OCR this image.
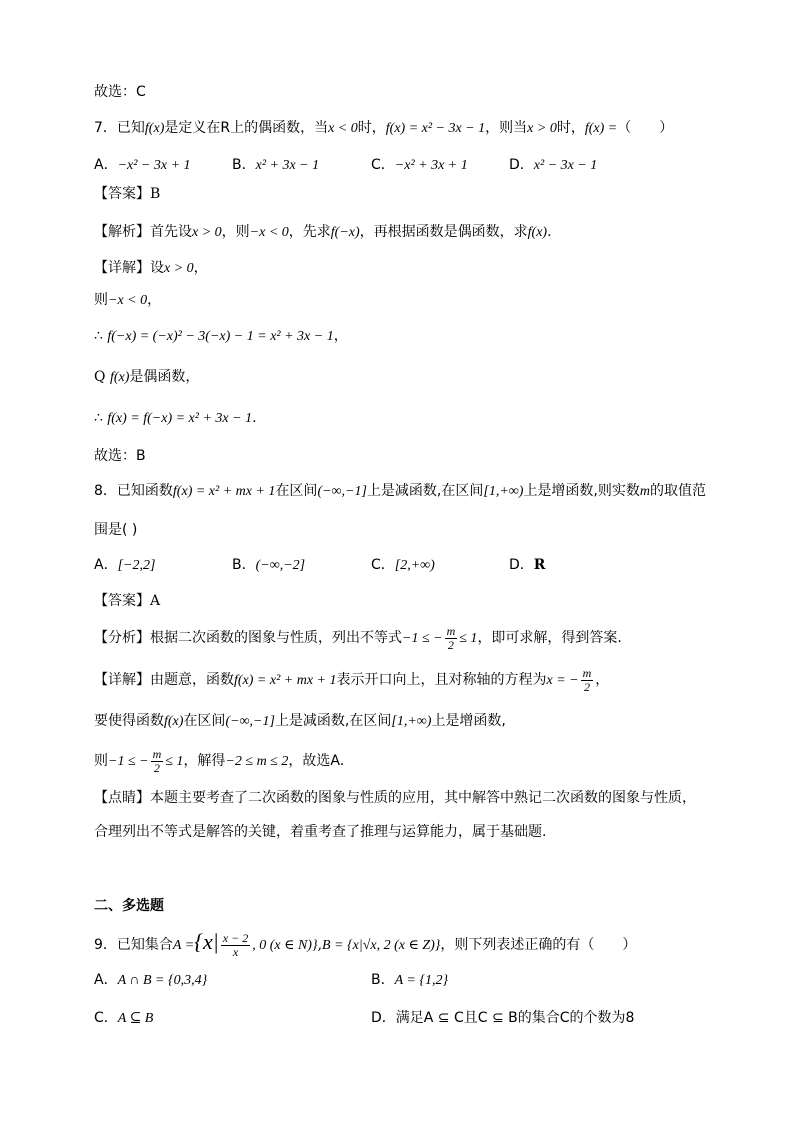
故选：C
7．已知f(x)是定义在R上的偶函数，当x < 0时，f(x) = x² − 3x − 1，则当x > 0时，f(x) =（　　）
A．−x² − 3x + 1	B．x² + 3x − 1	C．−x² + 3x + 1	D．x² − 3x − 1
【答案】B
【解析】首先设x > 0，则−x < 0，先求f(−x)，再根据函数是偶函数，求f(x).
【详解】设x > 0，
则−x < 0，
∴ f(−x) = (−x)² − 3(−x) − 1 = x² + 3x − 1，
Q f(x)是偶函数，
∴ f(x) = f(−x) = x² + 3x − 1.
故选：B
8．已知函数f(x) = x² + mx + 1在区间(−∞,−1]上是减函数,在区间[1,+∞)上是增函数,则实数m的取值范
围是( )
A．[−2,2]	B．(−∞,−2]	C．[2,+∞)	D．R
【答案】A
【分析】根据二次函数的图象与性质，列出不等式−1 ≤ − $\frac{m}{2} \le 1$，即可求解，得到答案.
【详解】由题意，函数f(x) = x² + mx + 1表示开口向上，且对称轴的方程为x = − $\frac{m}{2}$ ，
要使得函数f(x)在区间(−∞,−1]上是减函数,在区间[1,+∞)上是增函数,
则−1 ≤ − $\frac{m}{2} \le 1$，解得−2 ≤ m ≤ 2，故选A.
【点睛】本题主要考查了二次函数的图象与性质的应用，其中解答中熟记二次函数的图象与性质，
合理列出不等式是解答的关键，着重考查了推理与运算能力，属于基础题.
二、多选题
9．已知集合$A =\{x| \frac{x - 2}{x}$ , 0 (x ∈ N)},B = {x|√x, 2 (x ∈ Z)}，则下列表述正确的有（　　）
A．A ∩ B = {0,3,4}	B．A = {1,2}
C．A ⊆ B	D．满足A ⊆ C且C ⊆ B的集合C的个数为8
